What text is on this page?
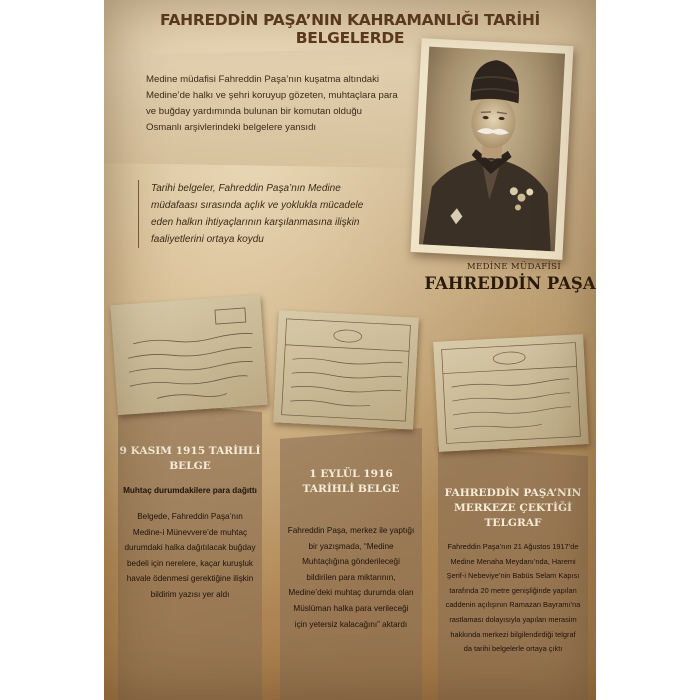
FAHREDDİN PAŞA’NIN KAHRAMANLIĞI TARİHİ BELGELERDE
Medine müdafisi Fahreddin Paşa’nın kuşatma altındaki
Medine’de halkı ve şehri koruyup gözeten, muhtaçlara para
ve buğday yardımında bulunan bir komutan olduğu
Osmanlı arşivlerindeki belgelere yansıdı
Tarihi belgeler, Fahreddin Paşa’nın Medine
müdafaası sırasında açlık ve yoklukla mücadele
eden halkın ihtiyaçlarının karşılanmasına ilişkin
faaliyetlerini ortaya koydu
MEDİNE MÜDAFİSİ
FAHREDDİN PAŞA
9 KASIM 1915 TARİHLİ
BELGE
Muhtaç durumdakilere para dağıttı
Belgede, Fahreddin Paşa’nın
Medine-i Münevvere’de muhtaç
durumdaki halka dağıtılacak buğday
bedeli için nerelere, kaçar kuruşluk
havale ödenmesi gerektiğine ilişkin
bildirim yazısı yer aldı
1 EYLÜL 1916
TARİHLİ BELGE
Fahreddin Paşa, merkez ile yaptığı
bir yazışmada, “Medine
Muhtaçlığına gönderileceği
bildirilen para miktarının,
Medine’deki muhtaç durumda olan
Müslüman halka para verileceği
için yetersiz kalacağını” aktardı
FAHREDDİN PAŞA’NIN
MERKEZE ÇEKTİĞİ
TELGRAF
Fahreddin Paşa’nın 21 Ağustos 1917’de
Medine Menaha Meydanı’nda, Haremi
Şerif-i Nebeviye’nin Babüs Selam Kapısı
tarafında 20 metre genişliğinde yapılan
caddenin açılışının Ramazan Bayramı’na
rastlaması dolayısıyla yapılan merasim
hakkında merkezi bilgilendirdiği telgraf
da tarihi belgelerle ortaya çıktı
